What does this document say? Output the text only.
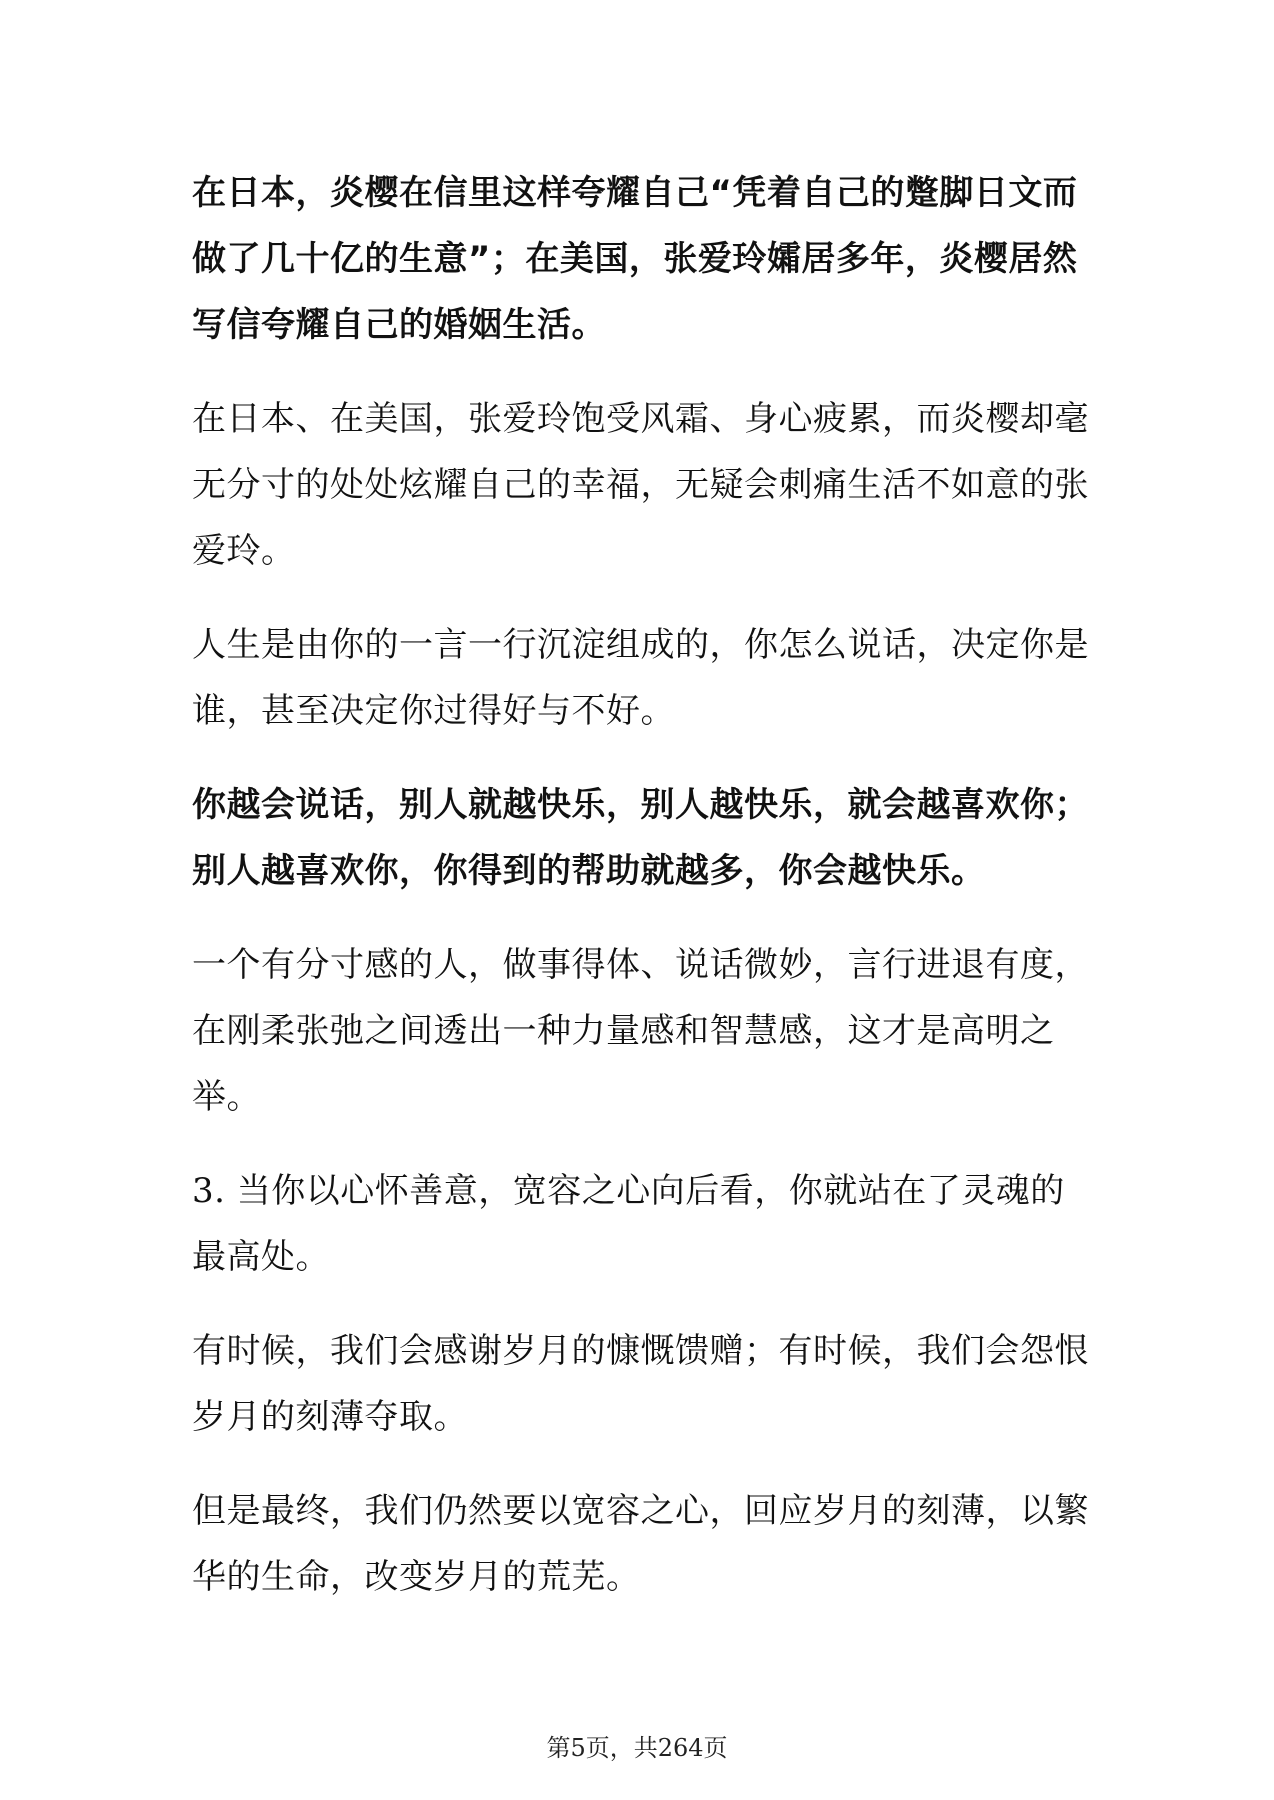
在日本，炎樱在信里这样夸耀自己“凭着自己的蹩脚日文而做了几十亿的生意”；在美国，张爱玲孀居多年，炎樱居然写信夸耀自己的婚姻生活。

在日本、在美国，张爱玲饱受风霜、身心疲累，而炎樱却毫无分寸的处处炫耀自己的幸福，无疑会刺痛生活不如意的张爱玲。

人生是由你的一言一行沉淀组成的，你怎么说话，决定你是谁，甚至决定你过得好与不好。

你越会说话，别人就越快乐，别人越快乐，就会越喜欢你；别人越喜欢你，你得到的帮助就越多，你会越快乐。

一个有分寸感的人，做事得体、说话微妙，言行进退有度，在刚柔张弛之间透出一种力量感和智慧感，这才是高明之举。

3. 当你以心怀善意，宽容之心向后看，你就站在了灵魂的最高处。

有时候，我们会感谢岁月的慷慨馈赠；有时候，我们会怨恨岁月的刻薄夺取。

但是最终，我们仍然要以宽容之心，回应岁月的刻薄，以繁华的生命，改变岁月的荒芜。

第5页，共264页
